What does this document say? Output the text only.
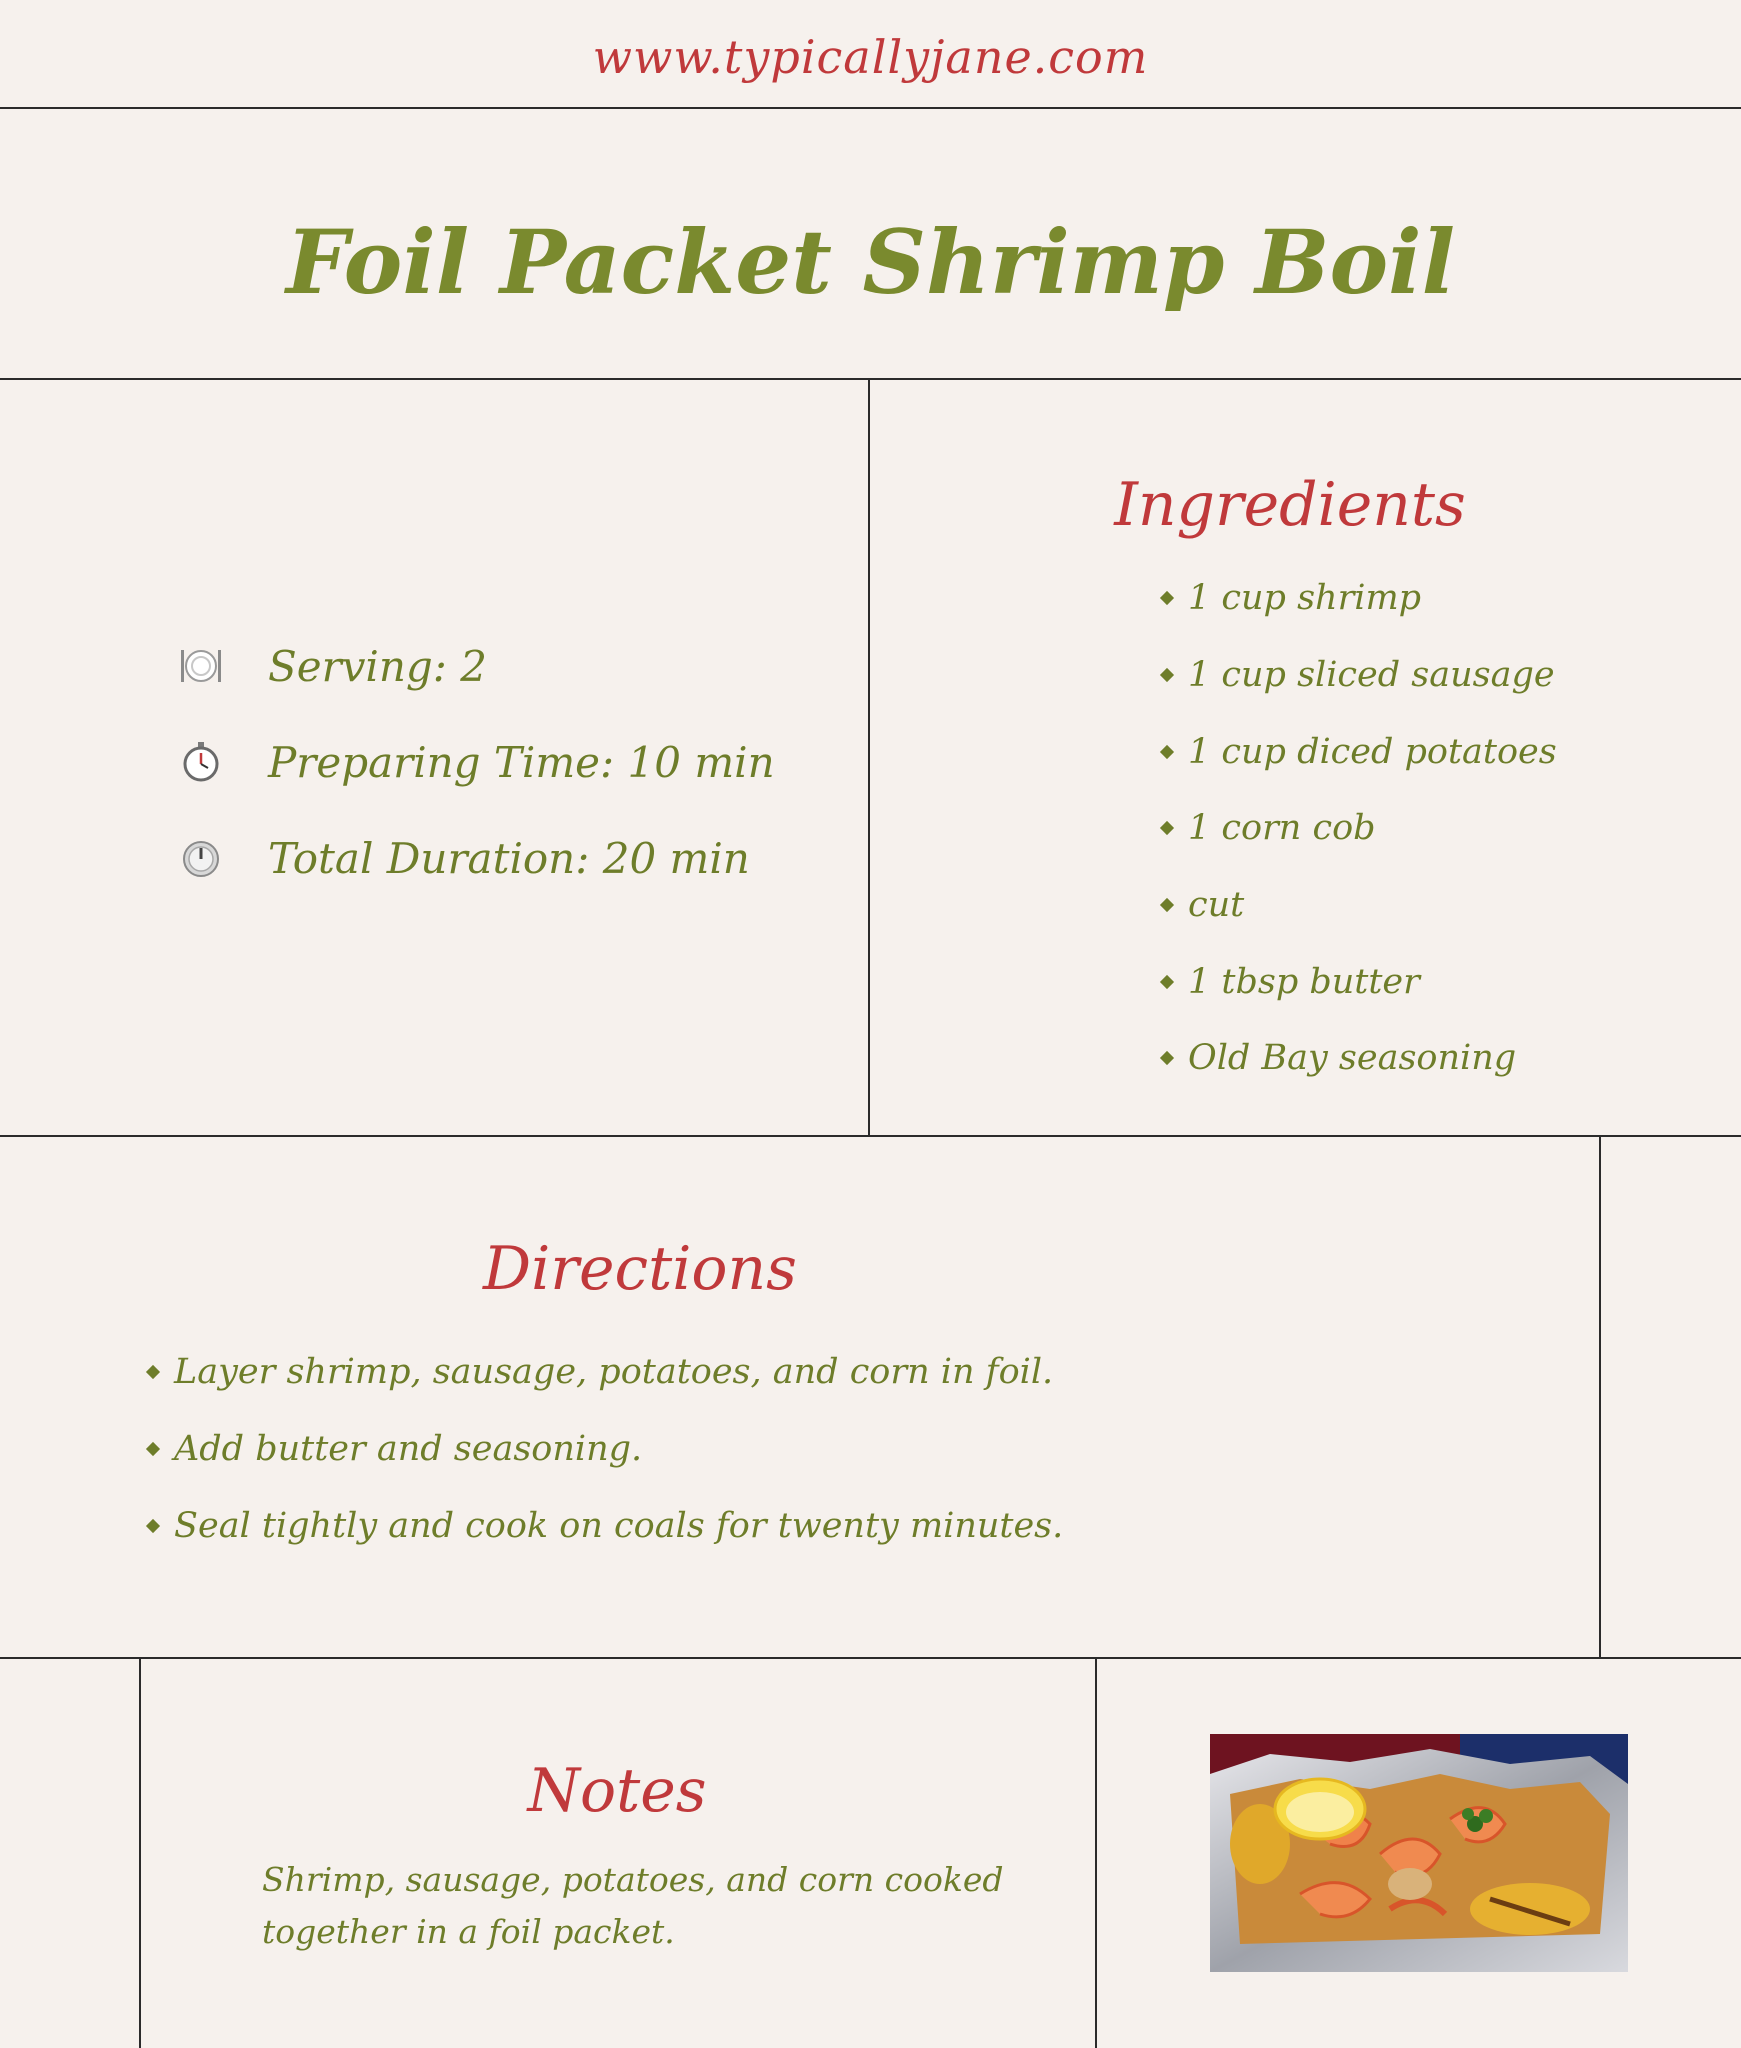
www.typicallyjane.com
Foil Packet Shrimp Boil
Serving: 2
Preparing Time: 10 min
Total Duration: 20 min
Ingredients
1 cup shrimp
1 cup sliced sausage
1 cup diced potatoes
1 corn cob
cut
1 tbsp butter
Old Bay seasoning
Directions
Layer shrimp, sausage, potatoes, and corn in foil.
Add butter and seasoning.
Seal tightly and cook on coals for twenty minutes.
Notes
Shrimp, sausage, potatoes, and corn cooked together in a foil packet.
